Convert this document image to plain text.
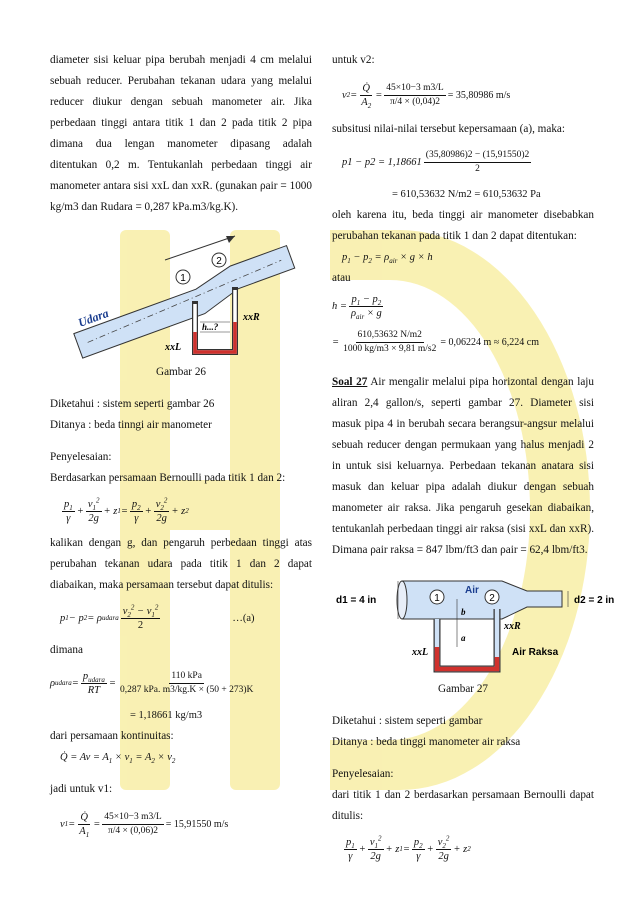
diameter sisi keluar pipa berubah menjadi 4 cm melalui sebuah reducer. Perubahan tekanan udara yang melalui reducer diukur dengan sebuah manometer air. Jika perbedaan tinggi antara titik 1 dan 2 pada titik 2 pipa dimana dua lengan manometer dipasang adalah ditentukan 0,2 m. Tentukanlah perbedaan tinggi air manometer antara sisi xxL dan xxR. (gunakan ρair = 1000 kg/m3 dan Rudara = 0,287 kPa.m3/kg.K).

1
2
Udara	xxR
xxL
h...?

Gambar 26

Diketahui : sistem seperti gambar 26

Ditanya : beda tinngi air manometer

Penyelesaian:

Berdasarkan persamaan Bernoulli pada titik 1 dan 2:

$\frac{p_1}{\gamma} + \frac{v_1^2}{2g} + z$ $1 = \frac{p_2}{\gamma} + \frac{v_2^2}{2g} + z$ 2

kalikan dengan g, dan pengaruh perbedaan tinggi atas perubahan tekanan udara pada titik 1 dan 2 dapat diabaikan, maka persamaan tersebut dapat ditulis:

p 1 − p 2 = ρ udara $\frac{v_2^2 - v_1^2}{2}$	…(a)

dimana

ρ udara = $\frac{p_{udara}}{RT} = \frac{\text{110 kPa}}{\text{0,287 kPa. m3/kg.K × (50 + 273)K}}$

= 1,18661 kg/m3

dari persamaan kontinuitas:

Q̇ = $Av = A_1 \times v_1 = A_2 \times v_2$

jadi untuk v1:

v $1 = \frac{Q̇}{A_1} = \frac{45\times 10-3 m3/L}{\pi/4 \times (0,06)2} = 15,91550$ m/s

untuk v2:

v $2 = \frac{Q̇}{A_2} = \frac{45\times 10-3 m3/L}{\pi/4 \times (0,04)2} = 35,80986$ m/s

subsitusi nilai-nilai tersebut kepersamaan (a), maka:

$p1 - p2 = 1,18661 \frac{(35,80986)2 - (15,91550)2}{2}$

= 610,53632 N/m2 = 610,53632 Pa

oleh karena itu, beda tinggi air manometer disebabkan perubahan tekanan pada titik 1 dan 2 dapat ditentukan:

$p_1 - p_2 = \rho_{air} \times g \times h$

atau

$h = \frac{p_1 - p_2}{\rho_{air} \times g}$
= $\frac{610,53632 N/m2}{1000 kg/m3 \times 9,81 m/s2} = 0,06224$ m ≈ 6,224 cm

Soal 27 Air mengalir melalui pipa horizontal dengan laju aliran 2,4 gallon/s, seperti gambar 27. Diameter sisi masuk pipa 4 in berubah secara berangsur-angsur melalui sebuah reducer dengan permukaan yang halus menjadi 2 in untuk sisi keluarnya. Perbedaan tekanan anatara sisi masuk dan keluar pipa adalah diukur dengan sebuah manometer air raksa. Jika pengaruh gesekan diabaikan, tentukanlah perbedaan tinggi air raksa (sisi xxL dan xxR). Dimana ρair raksa = 847 lbm/ft3 dan ρair = 62,4 lbm/ft3.

1	2
Air
d1 = 4 in	d2 = 2 in
b
a
xxR
xxL	Air Raksa

Gambar 27

Diketahui : sistem seperti gambar

Ditanya : beda tinggi manometer air raksa

Penyelesaian:

dari titik 1 dan 2 berdasarkan persamaan Bernoulli dapat ditulis:

$\frac{p_1}{\gamma} + \frac{v_1^2}{2g} + z$ $1 = \frac{p_2}{\gamma} + \frac{v_2^2}{2g} + z$ 2
